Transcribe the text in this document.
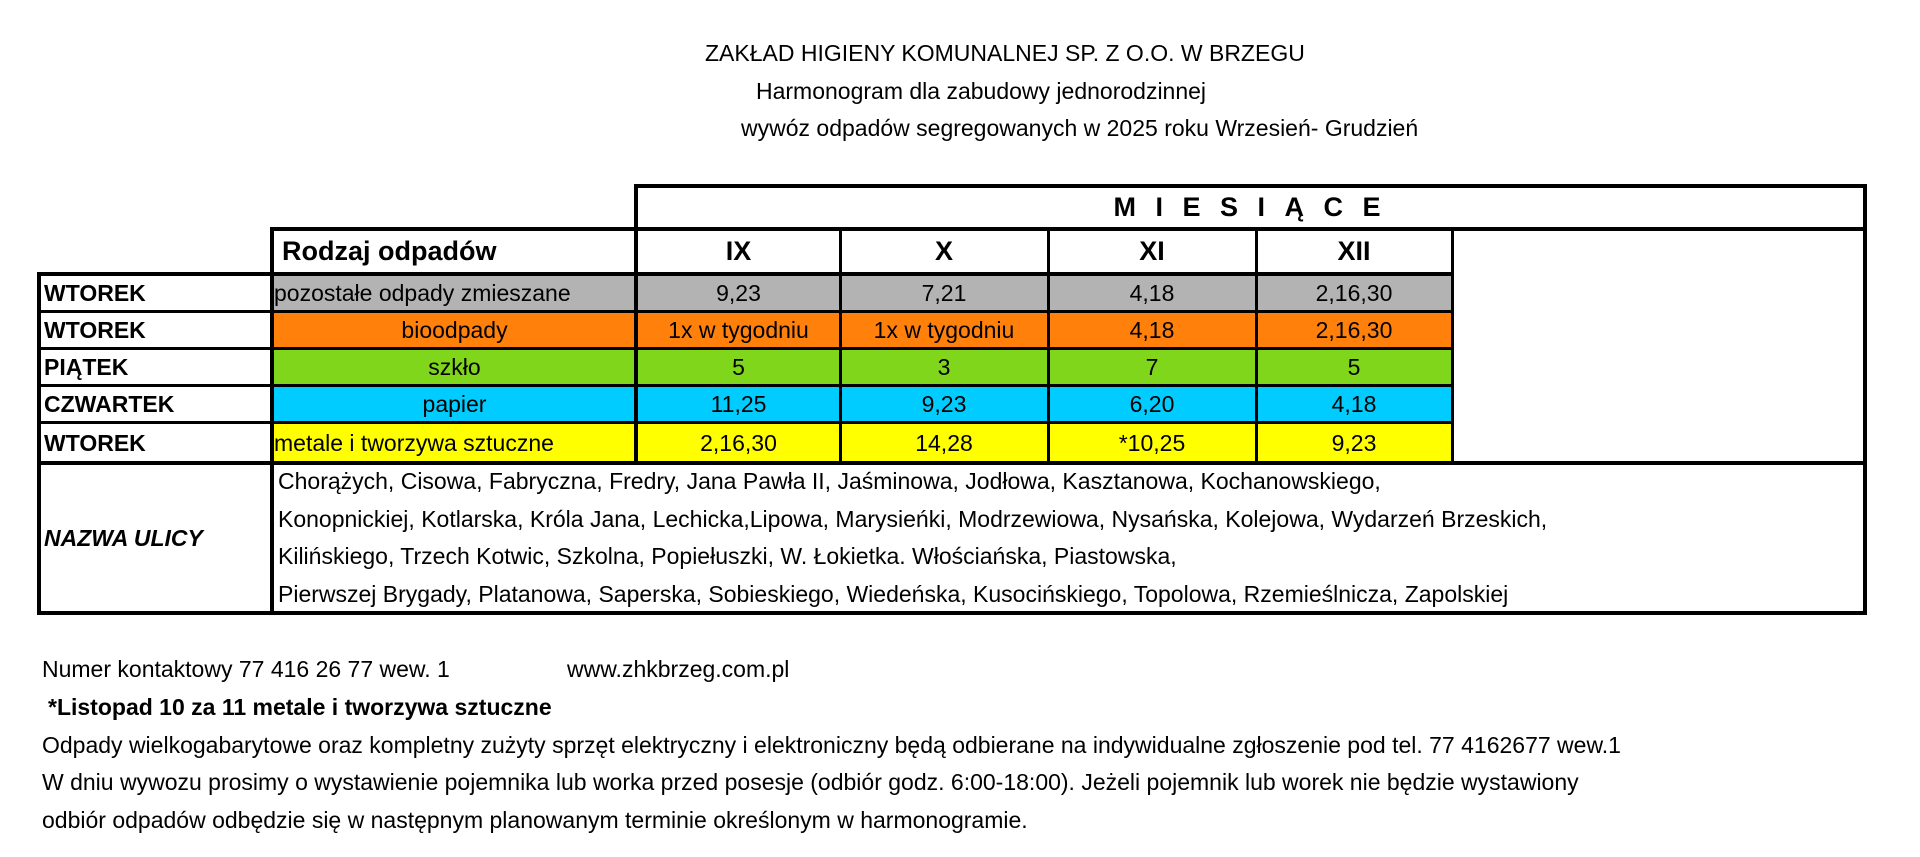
ZAKŁAD HIGIENY KOMUNALNEJ SP. Z O.O. W BRZEGU
Harmonogram dla zabudowy jednorodzinnej
wywóz odpadów segregowanych w 2025 roku Wrzesień- Grudzień
M I E S I Ą C E
Rodzaj odpadów	IX	X	XI	XII
WTOREK	pozostałe odpady zmieszane	9,23	7,21	4,18	2,16,30
WTOREK	bioodpady	1x w tygodniu	1x w tygodniu	4,18	2,16,30
PIĄTEK	szkło	5	3	7	5
CZWARTEK	papier	11,25	9,23	6,20	4,18
WTOREK	metale i tworzywa sztuczne	2,16,30	14,28	*10,25	9,23
NAZWA ULICY
Chorążych, Cisowa, Fabryczna, Fredry, Jana Pawła II, Jaśminowa, Jodłowa, Kasztanowa, Kochanowskiego,
Konopnickiej, Kotlarska, Króla Jana, Lechicka,Lipowa, Marysieńki, Modrzewiowa, Nysańska, Kolejowa, Wydarzeń Brzeskich,
Kilińskiego, Trzech Kotwic, Szkolna, Popiełuszki, W. Łokietka. Włościańska, Piastowska,
Pierwszej Brygady, Platanowa, Saperska, Sobieskiego, Wiedeńska, Kusocińskiego, Topolowa, Rzemieślnicza, Zapolskiej
Numer kontaktowy 77 416 26 77 wew. 1	www.zhkbrzeg.com.pl
*Listopad 10 za 11 metale i tworzywa sztuczne
Odpady wielkogabarytowe oraz kompletny zużyty sprzęt elektryczny i elektroniczny będą odbierane na indywidualne zgłoszenie pod tel. 77 4162677 wew.1
W dniu wywozu prosimy o wystawienie pojemnika lub worka przed posesje (odbiór godz. 6:00-18:00). Jeżeli pojemnik lub worek nie będzie wystawiony
odbiór odpadów odbędzie się w następnym planowanym terminie określonym w harmonogramie.
